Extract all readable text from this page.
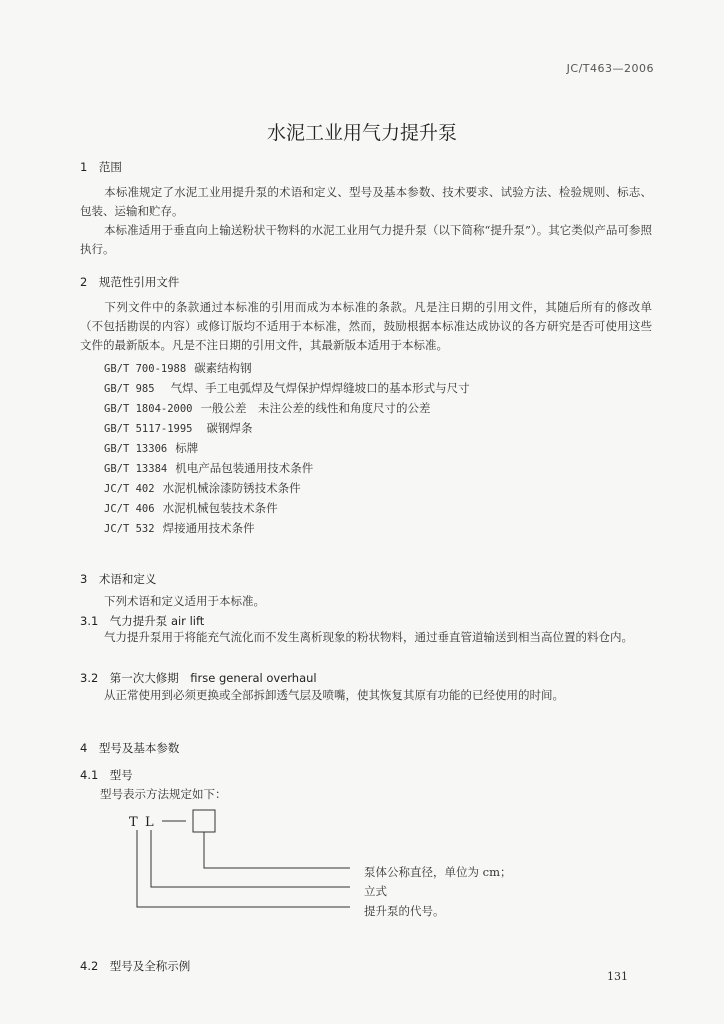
JC/T463—2006
水泥工业用气力提升泵
1　范围
本标准规定了水泥工业用提升泵的术语和定义、型号及基本参数、技术要求、试验方法、检验规则、标志、包装、运输和贮存。
本标准适用于垂直向上输送粉状干物料的水泥工业用气力提升泵（以下简称“提升泵”）。其它类似产品可参照执行。
2　规范性引用文件
下列文件中的条款通过本标准的引用而成为本标准的条款。凡是注日期的引用文件，其随后所有的修改单（不包括勘误的内容）或修订版均不适用于本标准，然而，鼓励根据本标准达成协议的各方研究是否可使用这些文件的最新版本。凡是不注日期的引用文件，其最新版本适用于本标准。
GB/T 700-1988 碳素结构钢
GB/T 985 气焊、手工电弧焊及气焊保护焊焊缝坡口的基本形式与尺寸
GB/T 1804-2000 一般公差　未注公差的线性和角度尺寸的公差
GB/T 5117-1995 碳钢焊条
GB/T 13306 标牌
GB/T 13384 机电产品包装通用技术条件
JC/T 402 水泥机械涂漆防锈技术条件
JC/T 406 水泥机械包装技术条件
JC/T 532 焊接通用技术条件
3　术语和定义
下列术语和定义适用于本标准。
3.1　气力提升泵 air lift
气力提升泵用于将能充气流化而不发生离析现象的粉状物料，通过垂直管道输送到相当高位置的料仓内。
3.2　第一次大修期　firse general overhaul
从正常使用到必须更换或全部拆卸透气层及喷嘴，使其恢复其原有功能的已经使用的时间。
4　型号及基本参数
4.1　型号
型号表示方法规定如下：
T L
泵体公称直径，单位为 cm；
立式
提升泵的代号。
4.2　型号及全称示例
131
